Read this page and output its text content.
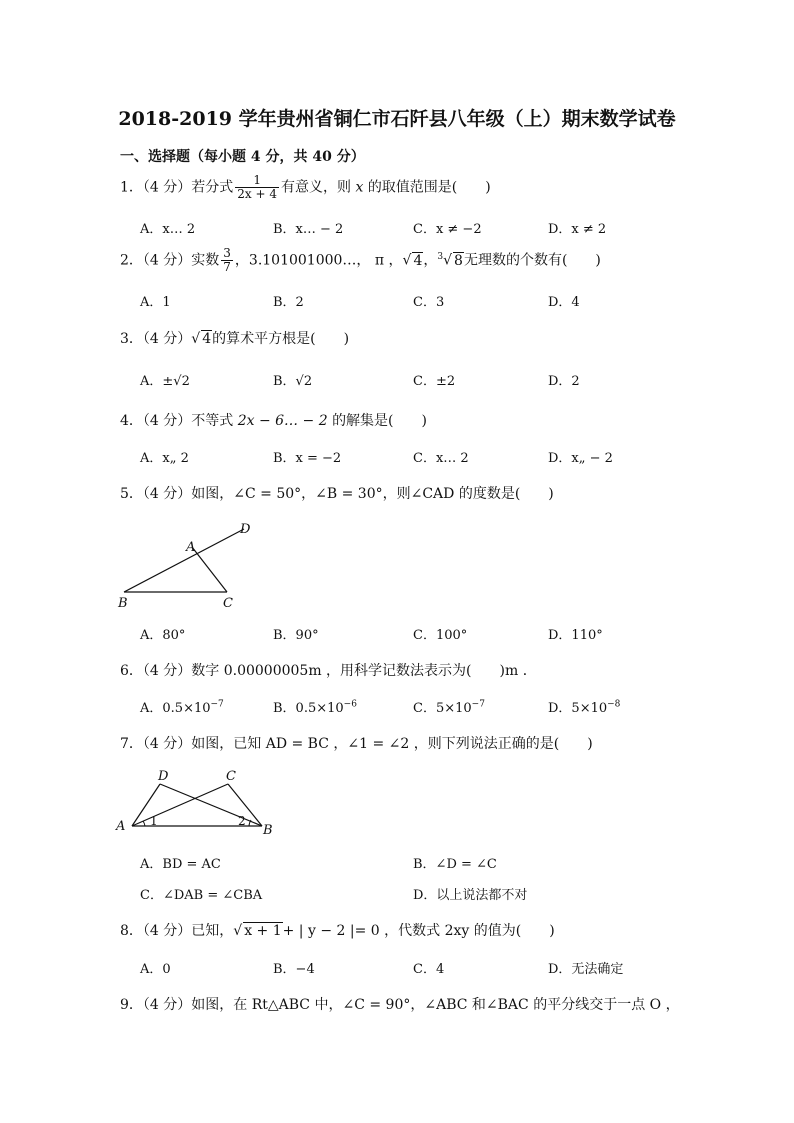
2018-2019 学年贵州省铜仁市石阡县八年级（上）期末数学试卷
一、选择题（每小题 4 分，共 40 分）
1．（4 分）若分式 $\frac{1}{2x + 4}$ 有意义，则 x 的取值范围是(　　)
A．x… 2	B．x… − 2	C．x ≠ −2	D．x ≠ 2
2．（4 分）实数 $\frac{3}{7}$ ，3.101001000…， π ，√ 4，$^3$√ 8无理数的个数有(　　)
A．1	B．2	C．3	D．4
3．（4 分）√ 4的算术平方根是(　　)
A．±√2	B．√2	C．±2	D．2
4．（4 分）不等式 2x − 6… − 2 的解集是(　　)
A．x„ 2	B．x = −2	C．x… 2	D．x„ − 2
5．（4 分）如图，∠C = 50°，∠B = 30°，则∠CAD 的度数是(　　)
A
B	C
D
A．80°	B．90°	C．100°	D．110°
6．（4 分）数字 0.00000005m ，用科学记数法表示为(　　)m ．
A．$0.5\times 10^{-7}$	B．$0.5\times 10^{-6}$	C．$5\times 10^{-7}$	D．$5\times 10^{-8}$
7．（4 分）如图，已知 AD = BC ，∠1 = ∠2 ，则下列说法正确的是(　　)
A	B
C
D
1	2
A．BD = AC	B．∠D = ∠C
C．∠DAB = ∠CBA	D．以上说法都不对
8．（4 分）已知，√ x + 1+ | y − 2 |= 0 ，代数式 2xy 的值为(　　)
A．0	B．−4	C．4	D．无法确定
9．（4 分）如图，在 Rt△ABC 中，∠C = 90°，∠ABC 和∠BAC 的平分线交于一点 O ，
